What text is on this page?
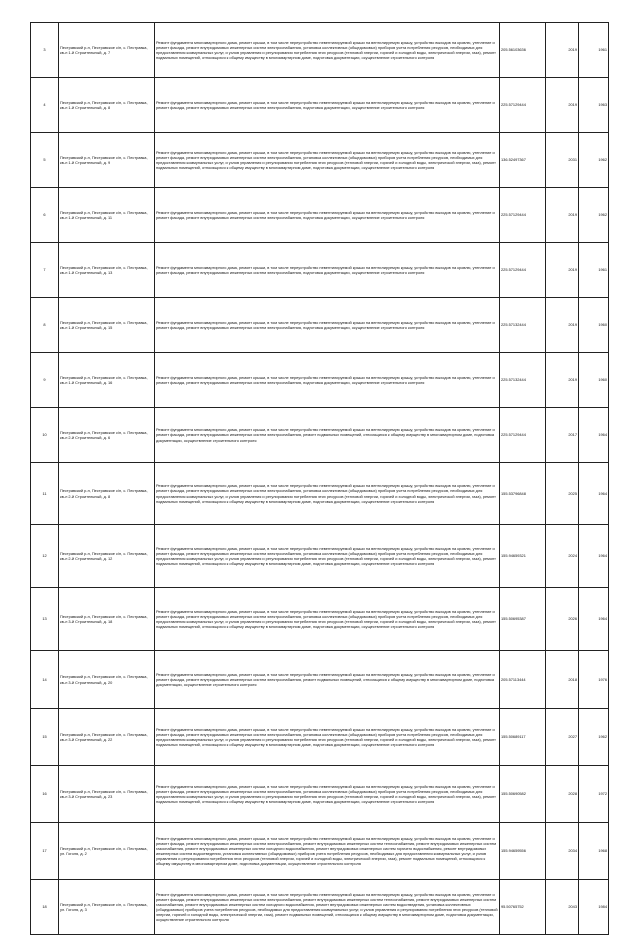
3	Пестравский р-н, Пестравское с/п, с. Пестравка, кв-л 1-й Строительный, д. 7	Ремонт фундамента многоквартирного дома, ремонт крыши, в том числе переустройство невентилируемой крыши на вентилируемую крышу, устройство выходов на кровлю, утепление и ремонт фасада, ремонт внутридомовых инженерных систем электроснабжения, установка коллективных (общедомовых) приборов учета потребления ресурсов, необходимых для предоставления коммунальных услуг, и узлов управления и регулирования потребления этих ресурсов (тепловой энергии, горячей и холодной воды, электрической энергии, газа), ремонт подвальных помещений, относящихся к общему имуществу в многоквартирном доме, подготовка документации, осуществление строительного контроля	205.56103636	2019	1961
4	Пестравский р-н, Пестравское с/п, с. Пестравка, кв-л 1-й Строительный, д. 8	Ремонт фундамента многоквартирного дома, ремонт крыши, в том числе переустройство невентилируемой крыши на вентилируемую крышу, устройство выходов на кровлю, утепление и ремонт фасада, ремонт внутридомовых инженерных систем электроснабжения, подготовка документации, осуществление строительного контроля	225.57129444	2019	1963
5	Пестравский р-н, Пестравское с/п, с. Пестравка, кв-л 1-й Строительный, д. 9	Ремонт фундамента многоквартирного дома, ремонт крыши, в том числе переустройство невентилируемой крыши на вентилируемую крышу, устройство выходов на кровлю, утепление и ремонт фасада, ремонт внутридомовых инженерных систем электроснабжения, установка коллективных (общедомовых) приборов учета потребления ресурсов, необходимых для предоставления коммунальных услуг, и узлов управления и регулирования потребления этих ресурсов (тепловой энергии, горячей и холодной воды, электрической энергии, газа), ремонт подвальных помещений, относящихся к общему имуществу в многоквартирном доме, подготовка документации, осуществление строительного контроля	136.52497367	2031	1962
6	Пестравский р-н, Пестравское с/п, с. Пестравка, кв-л 1-й Строительный, д. 11	Ремонт фундамента многоквартирного дома, ремонт крыши, в том числе переустройство невентилируемой крыши на вентилируемую крышу, устройство выходов на кровлю, утепление и ремонт фасада, ремонт внутридомовых инженерных систем электроснабжения, подготовка документации, осуществление строительного контроля	225.57129444	2019	1962
7	Пестравский р-н, Пестравское с/п, с. Пестравка, кв-л 1-й Строительный, д. 13	Ремонт фундамента многоквартирного дома, ремонт крыши, в том числе переустройство невентилируемой крыши на вентилируемую крышу, устройство выходов на кровлю, утепление и ремонт фасада, ремонт внутридомовых инженерных систем электроснабжения, подготовка документации, осуществление строительного контроля	225.57129444	2019	1961
8	Пестравский р-н, Пестравское с/п, с. Пестравка, кв-л 1-й Строительный, д. 15	Ремонт фундамента многоквартирного дома, ремонт крыши, в том числе переустройство невентилируемой крыши на вентилируемую крышу, устройство выходов на кровлю, утепление и ремонт фасада, ремонт внутридомовых инженерных систем электроснабжения, подготовка документации, осуществление строительного контроля	225.57132444	2019	1960
9	Пестравский р-н, Пестравское с/п, с. Пестравка, кв-л 1-й Строительный, д. 16	Ремонт фундамента многоквартирного дома, ремонт крыши, в том числе переустройство невентилируемой крыши на вентилируемую крышу, устройство выходов на кровлю, утепление и ремонт фасада, ремонт внутридомовых инженерных систем электроснабжения, подготовка документации, осуществление строительного контроля	225.57132444	2019	1960
10	Пестравский р-н, Пестравское с/п, с. Пестравка, кв-л 2-й Строительный, д. 6	Ремонт фундамента многоквартирного дома, ремонт крыши, в том числе переустройство невентилируемой крыши на вентилируемую крышу, устройство выходов на кровлю, утепление и ремонт фасада, ремонт внутридомовых инженерных систем электроснабжения, ремонт подвальных помещений, относящихся к общему имуществу в многоквартирном доме, подготовка документации, осуществление строительного контроля	225.57129444	2017	1964
11	Пестравский р-н, Пестравское с/п, с. Пестравка, кв-л 2-й Строительный, д. 8	Ремонт фундамента многоквартирного дома, ремонт крыши, в том числе переустройство невентилируемой крыши на вентилируемую крышу, устройство выходов на кровлю, утепление и ремонт фасада, ремонт внутридомовых инженерных систем электроснабжения, установка коллективных (общедомовых) приборов учета потребления ресурсов, необходимых для предоставления коммунальных услуг, и узлов управления и регулирования потребления этих ресурсов (тепловой энергии, горячей и холодной воды, электрической энергии, газа), ремонт подвальных помещений, относящихся к общему имуществу в многоквартирном доме, подготовка документации, осуществление строительного контроля	155.53796848	2025	1964
12	Пестравский р-н, Пестравское с/п, с. Пестравка, кв-л 2-й Строительный, д. 12	Ремонт фундамента многоквартирного дома, ремонт крыши, в том числе переустройство невентилируемой крыши на вентилируемую крышу, устройство выходов на кровлю, утепление и ремонт фасада, ремонт внутридомовых инженерных систем электроснабжения, установка коллективных (общедомовых) приборов учета потребления ресурсов, необходимых для предоставления коммунальных услуг, и узлов управления и регулирования потребления этих ресурсов (тепловой энергии, горячей и холодной воды, электрической энергии, газа), ремонт подвальных помещений, относящихся к общему имуществу в многоквартирном доме, подготовка документации, осуществление строительного контроля	155.94659321	2024	1964
13	Пестравский р-н, Пестравское с/п, с. Пестравка, кв-л 3-й Строительный, д. 18	Ремонт фундамента многоквартирного дома, ремонт крыши, в том числе переустройство невентилируемой крыши на вентилируемую крышу, устройство выходов на кровлю, утепление и ремонт фасада, ремонт внутридомовых инженерных систем электроснабжения, установка коллективных (общедомовых) приборов учета потребления ресурсов, необходимых для предоставления коммунальных услуг, и узлов управления и регулирования потребления этих ресурсов (тепловой энергии, горячей и холодной воды, электрической энергии, газа), ремонт подвальных помещений, относящихся к общему имуществу в многоквартирном доме, подготовка документации, осуществление строительного контроля	155.50695387	2026	1964
14	Пестравский р-н, Пестравское с/п, с. Пестравка, кв-л 3-й Строительный, д. 20	Ремонт фундамента многоквартирного дома, ремонт крыши, в том числе переустройство невентилируемой крыши на вентилируемую крышу, устройство выходов на кровлю, утепление и ремонт фасада, ремонт внутридомовых инженерных систем электроснабжения, ремонт подвальных помещений, относящихся к общему имуществу в многоквартирном доме, подготовка документации, осуществление строительного контроля	205.57113444	2018	1976
15	Пестравский р-н, Пестравское с/п, с. Пестравка, кв-л 3-й Строительный, д. 22	Ремонт фундамента многоквартирного дома, ремонт крыши, в том числе переустройство невентилируемой крыши на вентилируемую крышу, устройство выходов на кровлю, утепление и ремонт фасада, ремонт внутридомовых инженерных систем электроснабжения, установка коллективных (общедомовых) приборов учета потребления ресурсов, необходимых для предоставления коммунальных услуг, и узлов управления и регулирования потребления этих ресурсов (тепловой энергии, горячей и холодной воды, электрической энергии, газа), ремонт подвальных помещений, относящихся к общему имуществу в многоквартирном доме, подготовка документации, осуществление строительного контроля	155.50689117	2027	1962
16	Пестравский р-н, Пестравское с/п, с. Пестравка, кв-л 3-й Строительный, д. 23	Ремонт фундамента многоквартирного дома, ремонт крыши, в том числе переустройство невентилируемой крыши на вентилируемую крышу, устройство выходов на кровлю, утепление и ремонт фасада, ремонт внутридомовых инженерных систем электроснабжения, установка коллективных (общедомовых) приборов учета потребления ресурсов, необходимых для предоставления коммунальных услуг, и узлов управления и регулирования потребления этих ресурсов (тепловой энергии, горячей и холодной воды, электрической энергии, газа), ремонт подвальных помещений, относящихся к общему имуществу в многоквартирном доме, подготовка документации, осуществление строительного контроля	155.50690582	2028	1972
17	Пестравский р-н, Пестравское с/п, с. Пестравка, ул. Гоголя, д. 2	Ремонт фундамента многоквартирного дома, ремонт крыши, в том числе переустройство невентилируемой крыши на вентилируемую крышу, устройство выходов на кровлю, утепление и ремонт фасада, ремонт внутридомовых инженерных систем электроснабжения, ремонт внутридомовых инженерных систем теплоснабжения, ремонт внутридомовых инженерных систем газоснабжения, ремонт внутридомовых инженерных систем холодного водоснабжения, ремонт внутридомовых инженерных систем горячего водоснабжения, ремонт внутридомовых инженерных систем водоотведения, установка коллективных (общедомовых) приборов учета потребления ресурсов, необходимых для предоставления коммунальных услуг, и узлов управления и регулирования потребления этих ресурсов (тепловой энергии, горячей и холодной воды, электрической энергии, газа), ремонт подвальных помещений, относящихся к общему имуществу в многоквартирном доме, подготовка документации, осуществление строительного контроля	155.94659556	2034	1968
18	Пестравский р-н, Пестравское с/п, с. Пестравка, ул. Гоголя, д. 3	Ремонт фундамента многоквартирного дома, ремонт крыши, в том числе переустройство невентилируемой крыши на вентилируемую крышу, устройство выходов на кровлю, утепление и ремонт фасада, ремонт внутридомовых инженерных систем электроснабжения, ремонт внутридомовых инженерных систем теплоснабжения, ремонт внутридомовых инженерных систем газоснабжения, ремонт внутридомовых инженерных систем холодного водоснабжения, ремонт внутридомовых инженерных систем водоотведения, установка коллективных (общедомовых) приборов учета потребления ресурсов, необходимых для предоставления коммунальных услуг, и узлов управления и регулирования потребления этих ресурсов (тепловой энергии, горячей и холодной воды, электрической энергии, газа), ремонт подвальных помещений, относящихся к общему имуществу в многоквартирном доме, подготовка документации, осуществление строительного контроля	95.50765752	2043	1984
